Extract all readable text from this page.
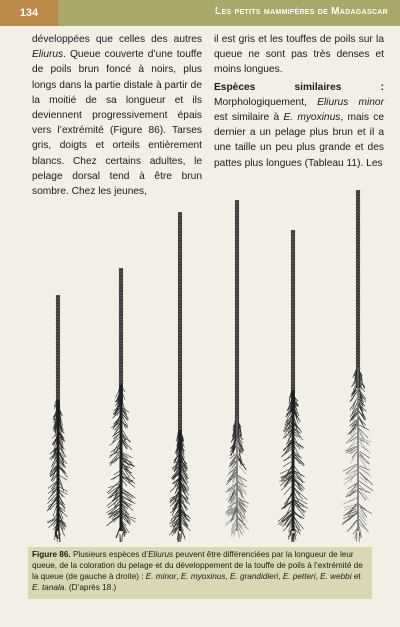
134	Les petits mammifères de Madagascar

développées que celles des autres Eliurus. Queue couverte d’une touffe de poils brun foncé à noirs, plus longs dans la partie distale à partir de la moitié de sa longueur et ils deviennent progressivement épais vers l’extrémité (Figure 86). Tarses gris, doigts et orteils entièrement blancs. Chez certains adultes, le pelage dorsal tend à être brun sombre. Chez les jeunes,

il est gris et les touffes de poils sur la queue ne sont pas très denses et moins longues.

Espèces	similaires	:

Morphologiquement, Eliurus minor est similaire à E. myoxinus, mais ce dernier a un pelage plus brun et il a une taille un peu plus grande et des pattes plus longues (Tableau 11). Les

Figure 86. Plusieurs espèces d’Eliurus peuvent être différenciées par la longueur de leur queue, de la coloration du pelage et du développement de la touffe de poils à l’extrémité de la queue (de gauche à droite) : E. minor, E. myoxinus, E. grandidieri, E. petteri, E. webbi et E. tanala. (D’après 18.)
